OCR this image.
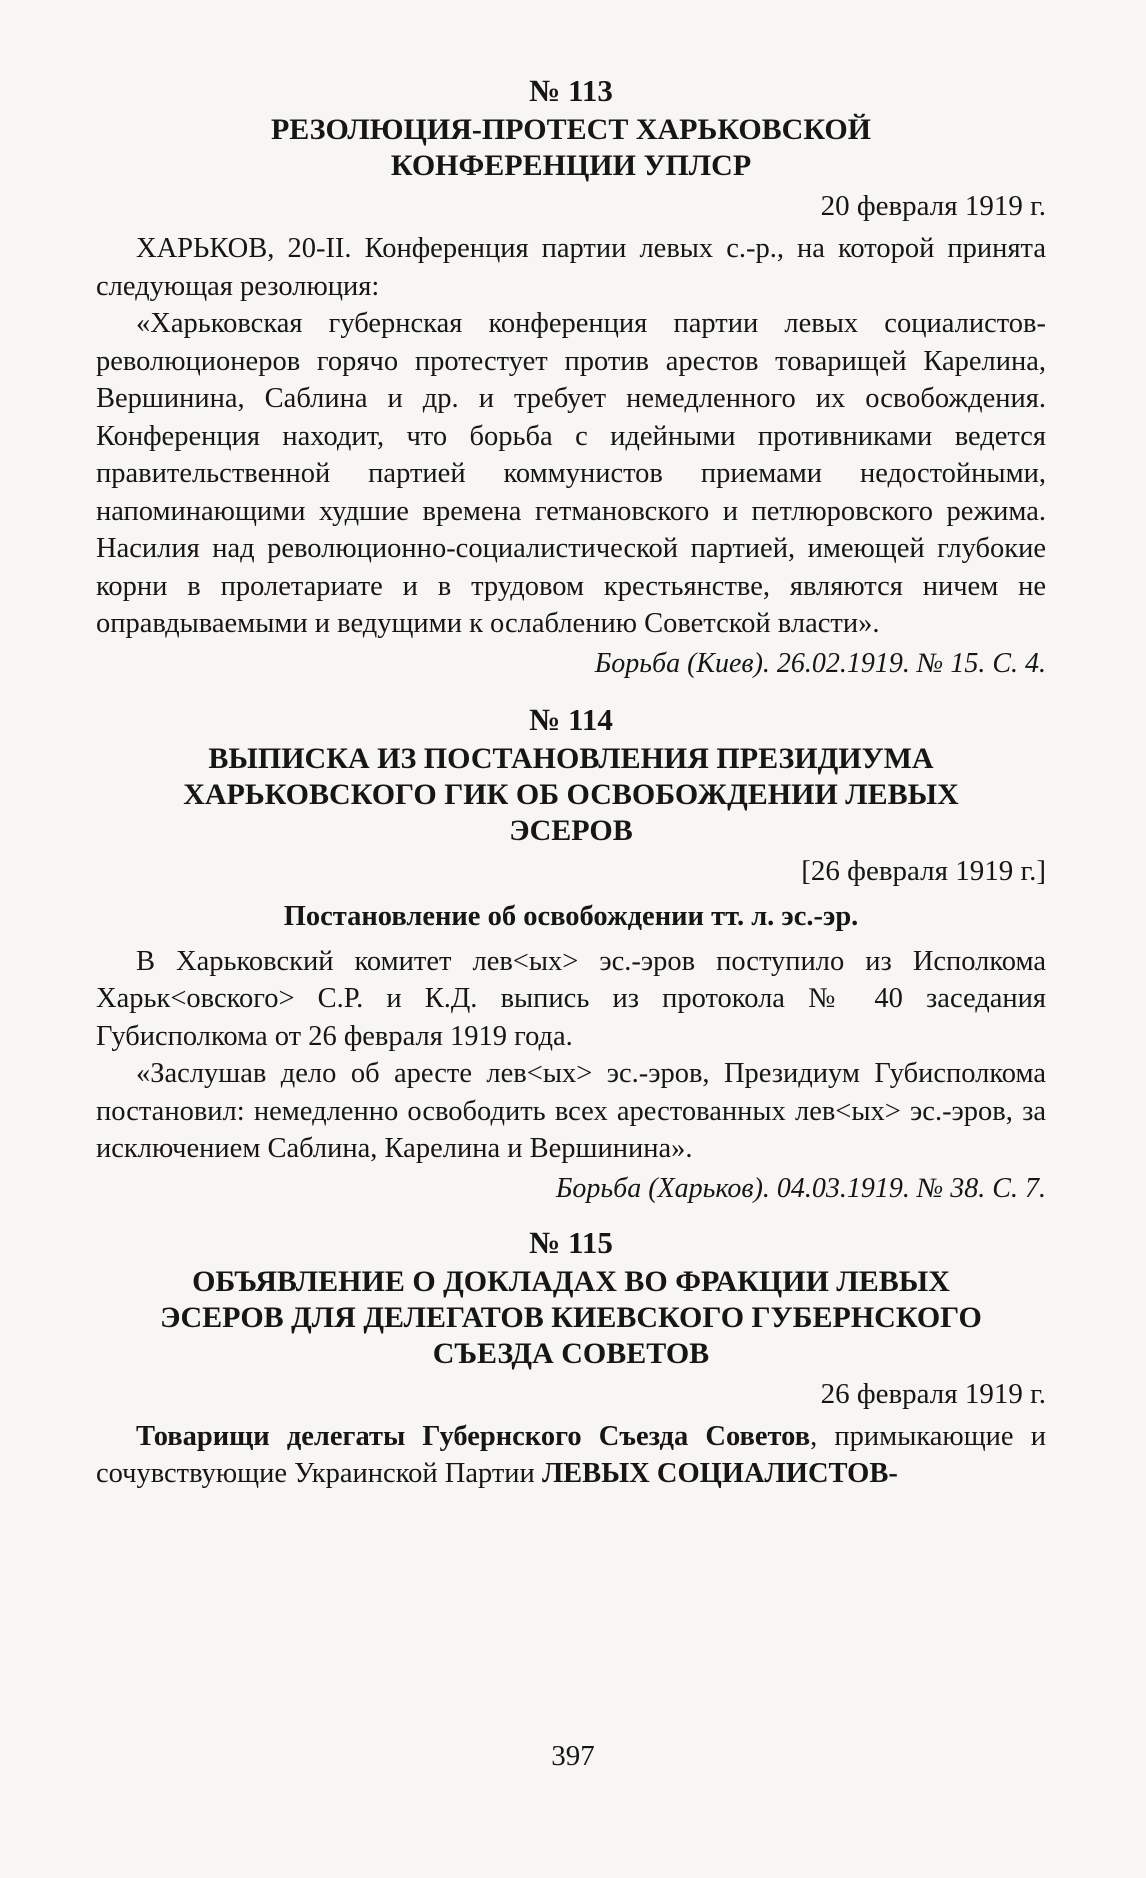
№ 113
РЕЗОЛЮЦИЯ-ПРОТЕСТ ХАРЬКОВСКОЙ
КОНФЕРЕНЦИИ УПЛСР
20 февраля 1919 г.

ХАРЬКОВ, 20-II. Конференция партии левых с.-р., на которой принята следующая резолюция:

«Харьковская губернская конференция партии левых социалистов-революционеров горячо протестует против арестов товарищей Карелина, Вершинина, Саблина и др. и требует немедленного их освобождения. Конференция находит, что борьба с идейными противниками ведется правительственной партией коммунистов приемами недостойными, напоминающими худшие времена гетмановского и петлюровского режима. Насилия над революционно-социалистической партией, имеющей глубокие корни в пролетариате и в трудовом крестьянстве, являются ничем не оправдываемыми и ведущими к ослаблению Советской власти».

Борьба (Киев). 26.02.1919. № 15. С. 4.
№ 114
ВЫПИСКА ИЗ ПОСТАНОВЛЕНИЯ ПРЕЗИДИУМА
ХАРЬКОВСКОГО ГИК ОБ ОСВОБОЖДЕНИИ ЛЕВЫХ
ЭСЕРОВ
[26 февраля 1919 г.]
Постановление об освобождении тт. л. эс.-эр.

В Харьковский комитет лев<ых> эс.-эров поступило из Исполкома Харьк<овского> С.Р. и К.Д. выпись из протокола № 40 заседания Губисполкома от 26 февраля 1919 года.

«Заслушав дело об аресте лев<ых> эс.-эров, Президиум Губисполкома постановил: немедленно освободить всех арестованных лев<ых> эс.-эров, за исключением Саблина, Карелина и Вершинина».

Борьба (Харьков). 04.03.1919. № 38. С. 7.
№ 115
ОБЪЯВЛЕНИЕ О ДОКЛАДАХ ВО ФРАКЦИИ ЛЕВЫХ
ЭСЕРОВ ДЛЯ ДЕЛЕГАТОВ КИЕВСКОГО ГУБЕРНСКОГО
СЪЕЗДА СОВЕТОВ
26 февраля 1919 г.

Товарищи делегаты Губернского Съезда Советов, примыкающие и сочувствующие Украинской Партии ЛЕВЫХ СОЦИАЛИСТОВ-

397
